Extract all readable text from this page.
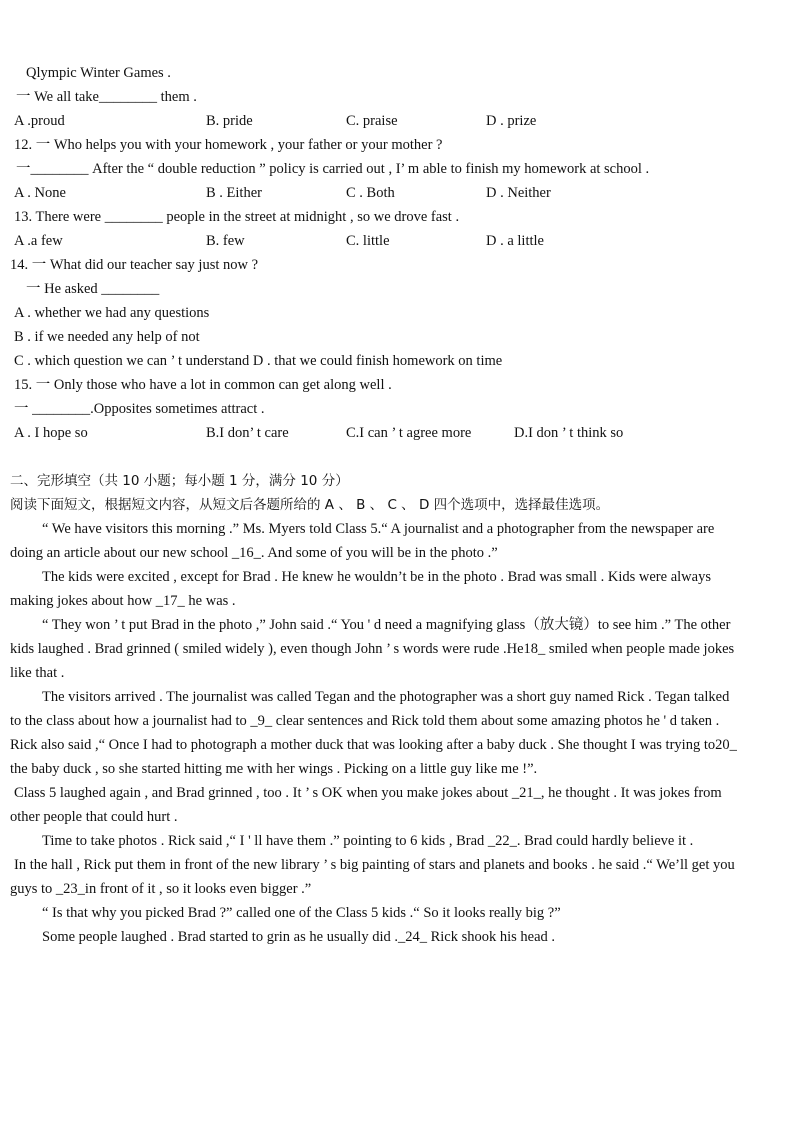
Qlympic Winter Games .
一 We all take________ them .
A .proud	B. pride	C. praise	D . prize
12. 一 Who helps you with your homework , your father or your mother ?
一________ After the “ double reduction ” policy is carried out , I’ m able to finish my homework at school .
A . None	B . Either	C . Both	D . Neither
13. There were ________ people in the street at midnight , so we drove fast .
A .a few	B. few	C. little	D . a little
14. 一 What did our teacher say just now ?
一 He asked ________
A . whether we had any questions
B . if we needed any help of not
C . which question we can ’ t understand D . that we could finish homework on time
15. 一 Only those who have a lot in common can get along well .
一 ________.Opposites sometimes attract .
A . I hope so	B.I don’ t care	C.I can ’ t agree more	D.I don ’ t think so
二、完形填空（共 10 小题；每小题 1 分，满分 10 分）
阅读下面短文，根据短文内容，从短文后各题所给的 A 、 B 、 C 、 D 四个选项中，选择最佳选项。
“ We have visitors this morning .” Ms. Myers told Class 5.“ A journalist and a photographer from the newspaper are
doing an article about our new school _16_. And some of you will be in the photo .”
The kids were excited , except for Brad . He knew he wouldn’t be in the photo . Brad was small . Kids were always
making jokes about how _17_ he was .
“ They won ’ t put Brad in the photo ,” John said .“ You ' d need a magnifying glass（放大镜）to see him .” The other
kids laughed . Brad grinned ( smiled widely ), even though John ’ s words were rude .He18_ smiled when people made jokes
like that .
The visitors arrived . The journalist was called Tegan and the photographer was a short guy named Rick . Tegan talked
to the class about how a journalist had to _9_ clear sentences and Rick told them about some amazing photos he ' d taken .
Rick also said ,“ Once I had to photograph a mother duck that was looking after a baby duck . She thought I was trying to20_
the baby duck , so she started hitting me with her wings . Picking on a little guy like me !”.
Class 5 laughed again , and Brad grinned , too . It ’ s OK when you make jokes about _21_, he thought . It was jokes from
other people that could hurt .
Time to take photos . Rick said ,“ I ' ll have them .” pointing to 6 kids , Brad _22_. Brad could hardly believe it .
In the hall , Rick put them in front of the new library ’ s big painting of stars and planets and books . he said .“ We’ll get you
guys to _23_in front of it , so it looks even bigger .”
“ Is that why you picked Brad ?” called one of the Class 5 kids .“ So it looks really big ?”
Some people laughed . Brad started to grin as he usually did ._24_ Rick shook his head .
